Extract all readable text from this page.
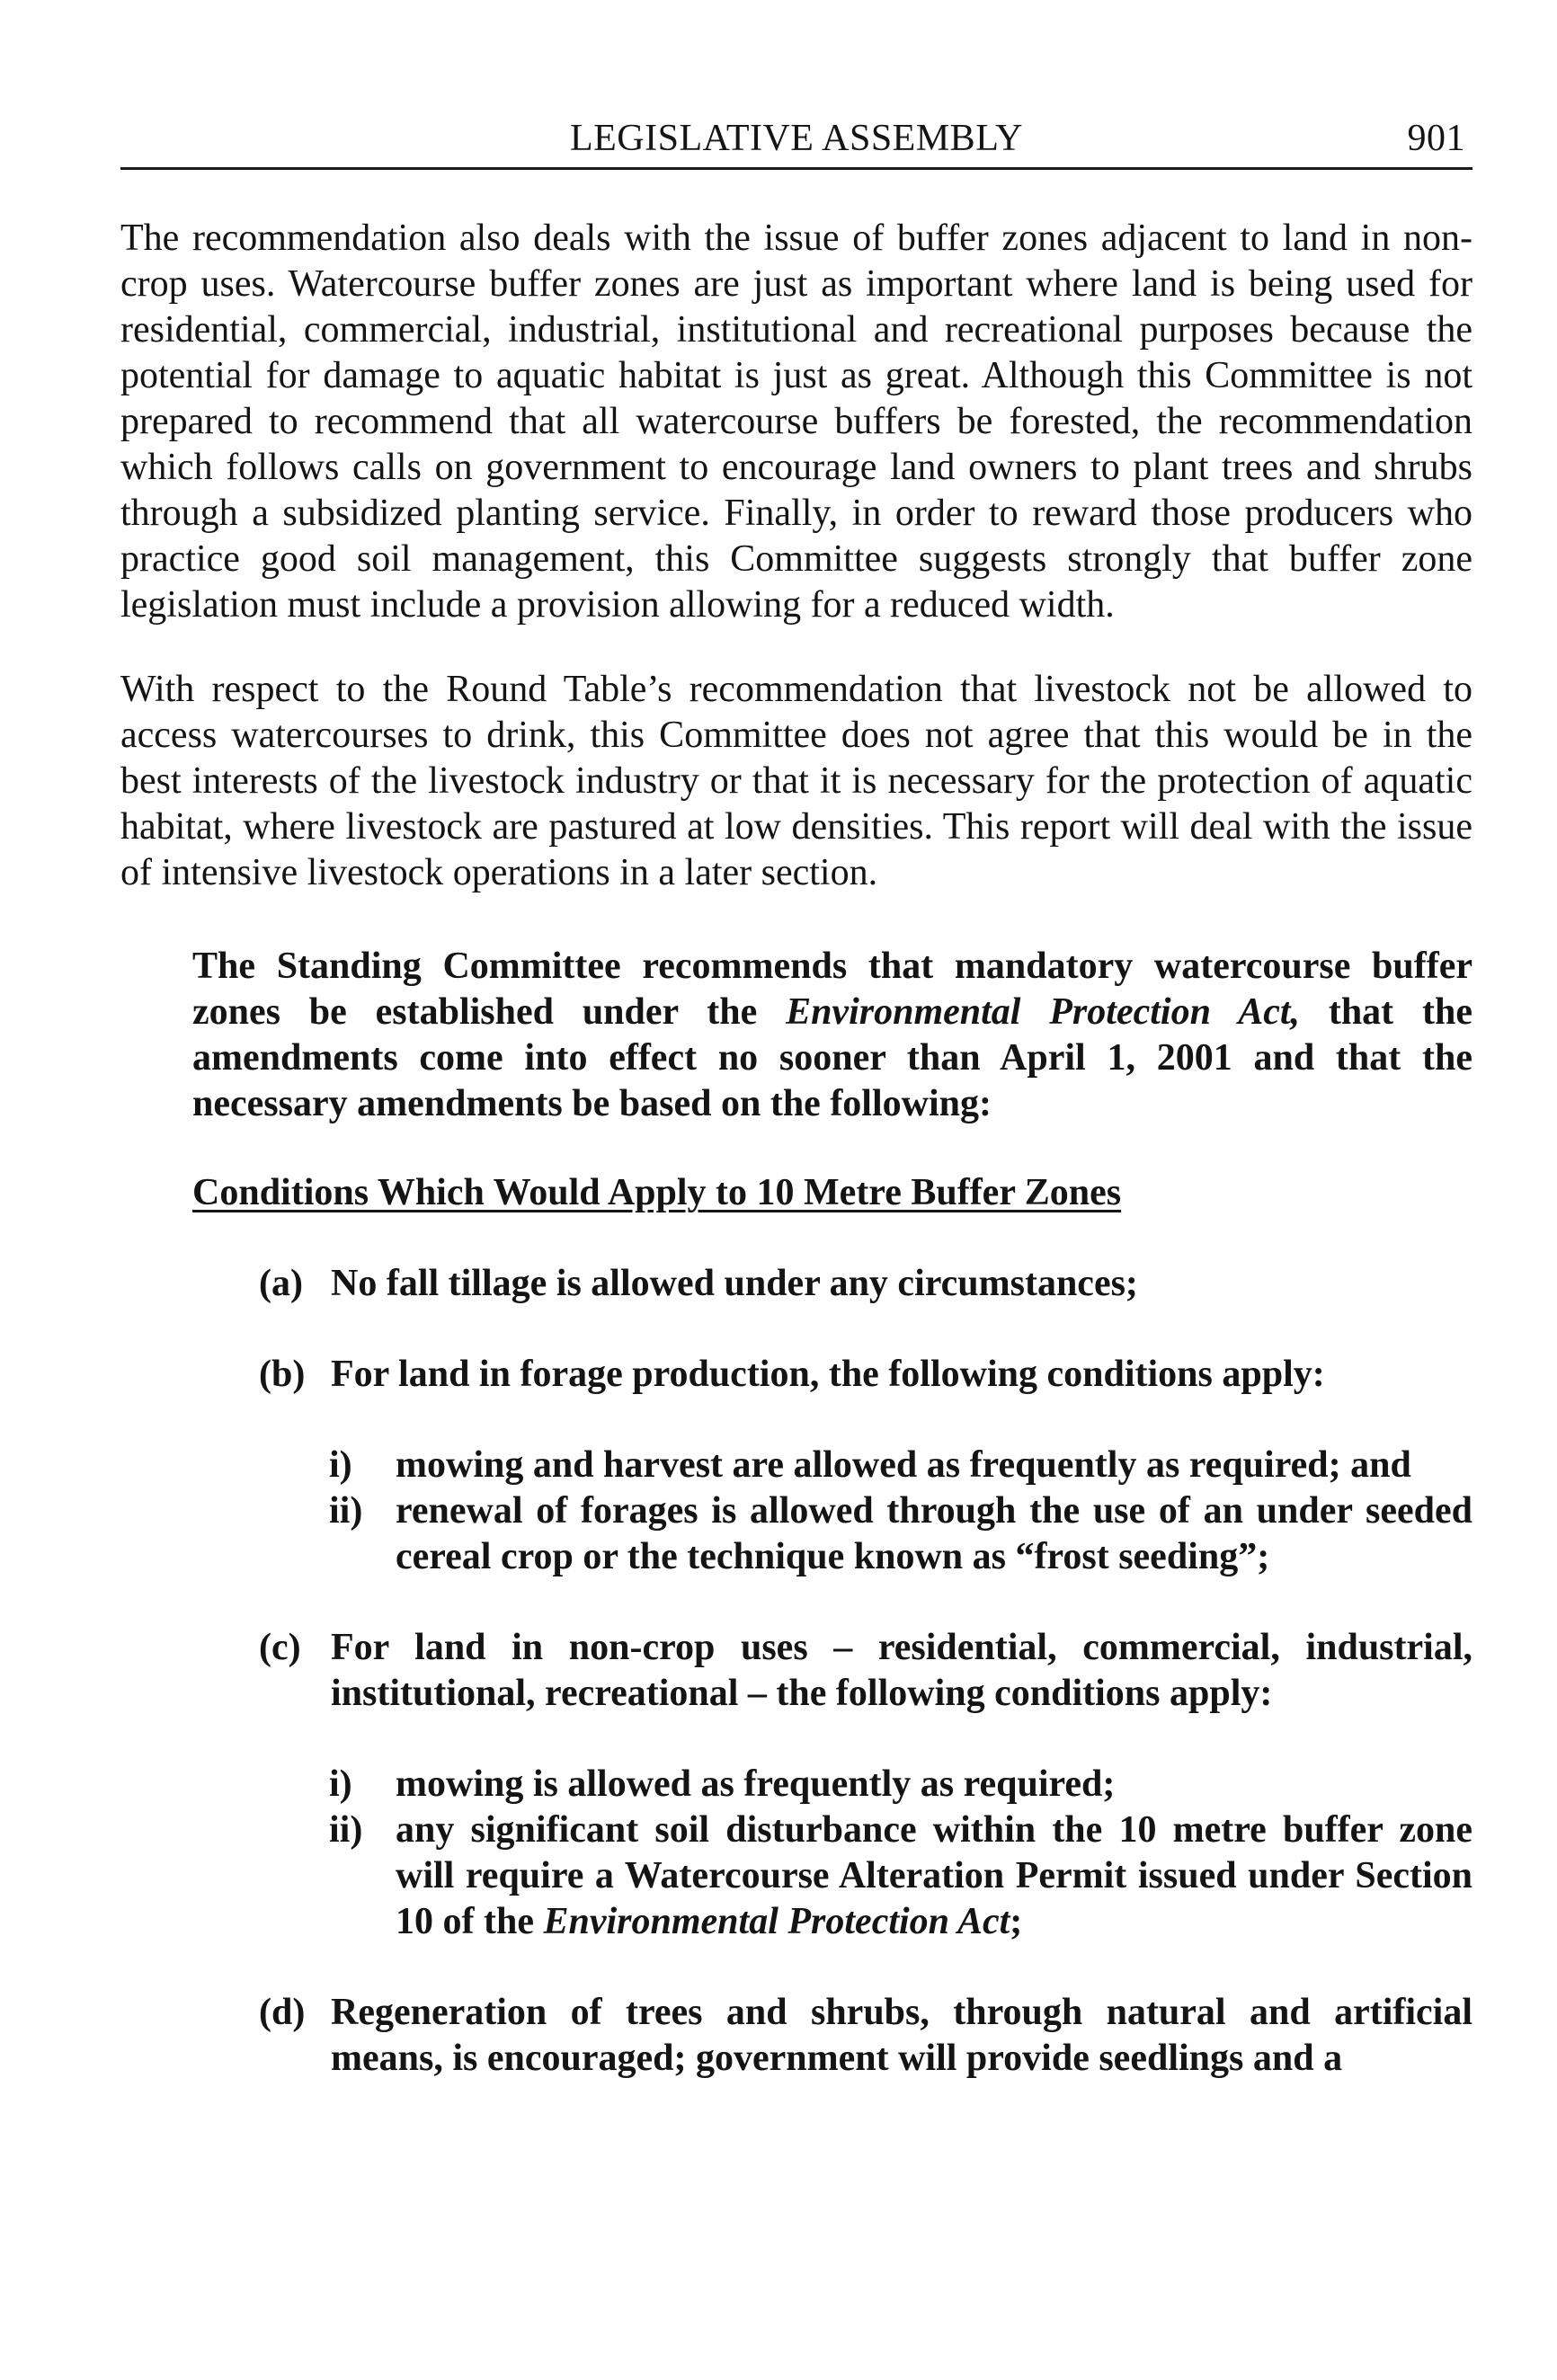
LEGISLATIVE ASSEMBLY	901

The recommendation also deals with the issue of buffer zones adjacent to land in non-crop uses. Watercourse buffer zones are just as important where land is being used for residential, commercial, industrial, institutional and recreational purposes because the potential for damage to aquatic habitat is just as great. Although this Committee is not prepared to recommend that all watercourse buffers be forested, the recommendation which follows calls on government to encourage land owners to plant trees and shrubs through a subsidized planting service. Finally, in order to reward those producers who practice good soil management, this Committee suggests strongly that buffer zone legislation must include a provision allowing for a reduced width.

With respect to the Round Table’s recommendation that livestock not be allowed to access watercourses to drink, this Committee does not agree that this would be in the best interests of the livestock industry or that it is necessary for the protection of aquatic habitat, where livestock are pastured at low densities. This report will deal with the issue of intensive livestock operations in a later section.

The Standing Committee recommends that mandatory watercourse buffer zones be established under the Environmental Protection Act, that the amendments come into effect no sooner than April 1, 2001 and that the necessary amendments be based on the following:

Conditions Which Would Apply to 10 Metre Buffer Zones

(a) No fall tillage is allowed under any circumstances;
(b) For land in forage production, the following conditions apply:
i) mowing and harvest are allowed as frequently as required; and
ii) renewal of forages is allowed through the use of an under seeded cereal crop or the technique known as “frost seeding”;
(c) For land in non-crop uses – residential, commercial, industrial, institutional, recreational – the following conditions apply:
i) mowing is allowed as frequently as required;
ii) any significant soil disturbance within the 10 metre buffer zone will require a Watercourse Alteration Permit issued under Section 10 of the Environmental Protection Act;
(d) Regeneration of trees and shrubs, through natural and artificial means, is encouraged; government will provide seedlings and a
